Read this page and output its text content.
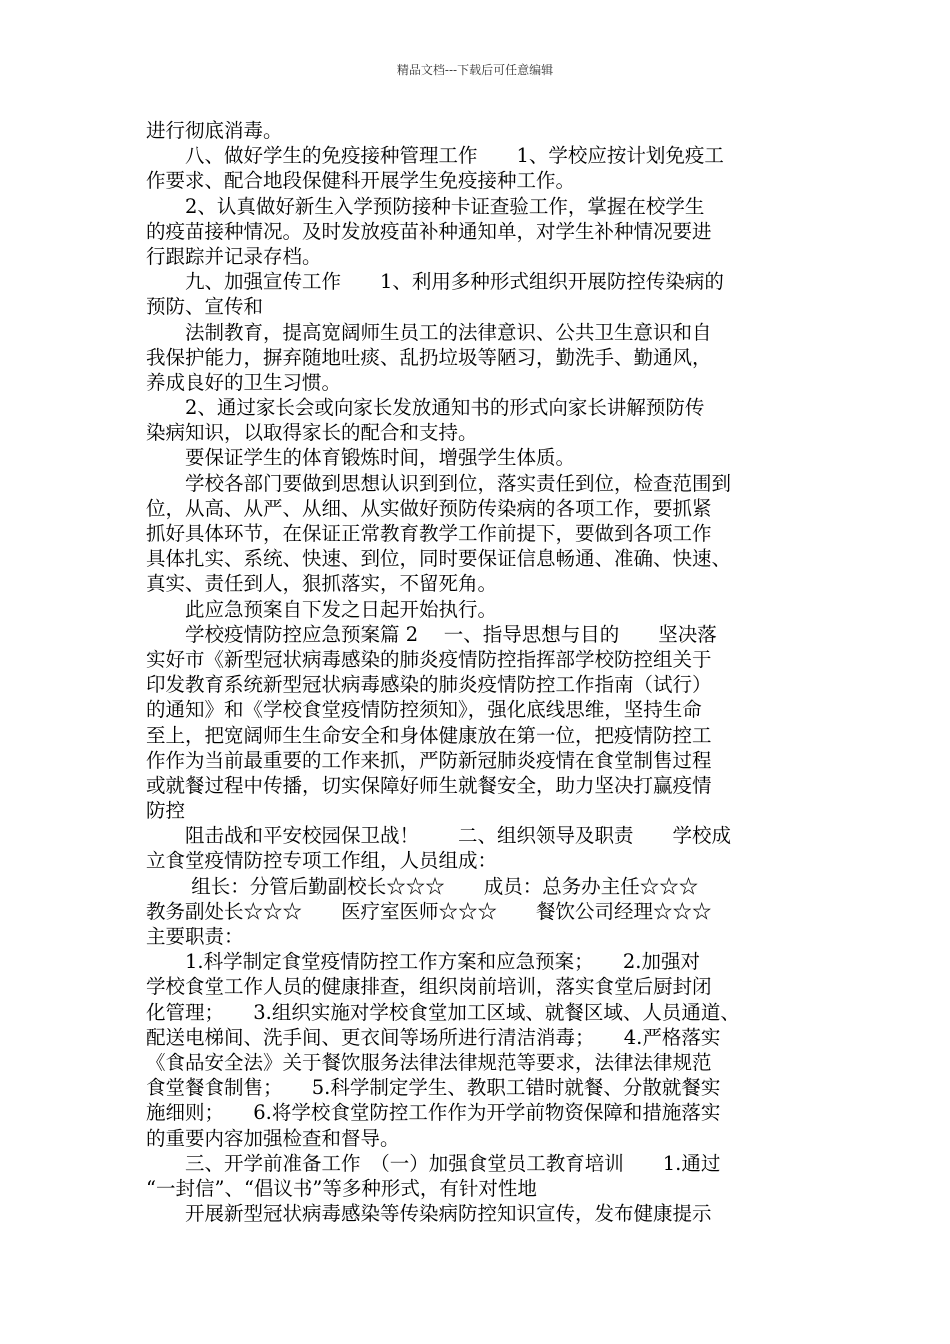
精品文档---下载后可任意编辑
进行彻底消毒。
　　八、做好学生的免疫接种管理工作　　1、学校应按计划免疫工
作要求、配合地段保健科开展学生免疫接种工作。
　　2、认真做好新生入学预防接种卡证查验工作，掌握在校学生
的疫苗接种情况。及时发放疫苗补种通知单，对学生补种情况要进
行跟踪并记录存档。
　　九、加强宣传工作　　1、利用多种形式组织开展防控传染病的
预防、宣传和
　　法制教育，提高宽阔师生员工的法律意识、公共卫生意识和自
我保护能力，摒弃随地吐痰、乱扔垃圾等陋习，勤洗手、勤通风，
养成良好的卫生习惯。
　　2、通过家长会或向家长发放通知书的形式向家长讲解预防传
染病知识，以取得家长的配合和支持。
　　要保证学生的体育锻炼时间，增强学生体质。
　　学校各部门要做到思想认识到到位，落实责任到位，检查范围到
位，从高、从严、从细、从实做好预防传染病的各项工作，要抓紧
抓好具体环节，在保证正常教育教学工作前提下，要做到各项工作
具体扎实、系统、快速、到位，同时要保证信息畅通、准确、快速、
真实、责任到人，狠抓落实，不留死角。
　　此应急预案自下发之日起开始执行。
　　学校疫情防控应急预案篇 2　 一、指导思想与目的　　坚决落
实好市《新型冠状病毒感染的肺炎疫情防控指挥部学校防控组关于
印发教育系统新型冠状病毒感染的肺炎疫情防控工作指南（试行）
的通知》和《学校食堂疫情防控须知》，强化底线思维，坚持生命
至上，把宽阔师生生命安全和身体健康放在第一位，把疫情防控工
作作为当前最重要的工作来抓，严防新冠肺炎疫情在食堂制售过程
或就餐过程中传播，切实保障好师生就餐安全，助力坚决打赢疫情
防控
　　阻击战和平安校园保卫战！　　二、组织领导及职责　　学校成
立食堂疫情防控专项工作组，人员组成：
　　 组长：分管后勤副校长☆☆☆　　成员：总务办主任☆☆☆
教务副处长☆☆☆　　医疗室医师☆☆☆　　餐饮公司经理☆☆☆
主要职责：
　　1.科学制定食堂疫情防控工作方案和应急预案；　　2.加强对
学校食堂工作人员的健康排查，组织岗前培训，落实食堂后厨封闭
化管理；　　3.组织实施对学校食堂加工区域、就餐区域、人员通道、
配送电梯间、洗手间、更衣间等场所进行清洁消毒；　　4.严格落实
《食品安全法》关于餐饮服务法律法律规范等要求，法律法律规范
食堂餐食制售；　　5.科学制定学生、教职工错时就餐、分散就餐实
施细则；　　6.将学校食堂防控工作作为开学前物资保障和措施落实
的重要内容加强检查和督导。
　　三、开学前准备工作　（一）加强食堂员工教育培训　　1.通过
“一封信”、“倡议书”等多种形式，有针对性地
　　开展新型冠状病毒感染等传染病防控知识宣传，发布健康提示
